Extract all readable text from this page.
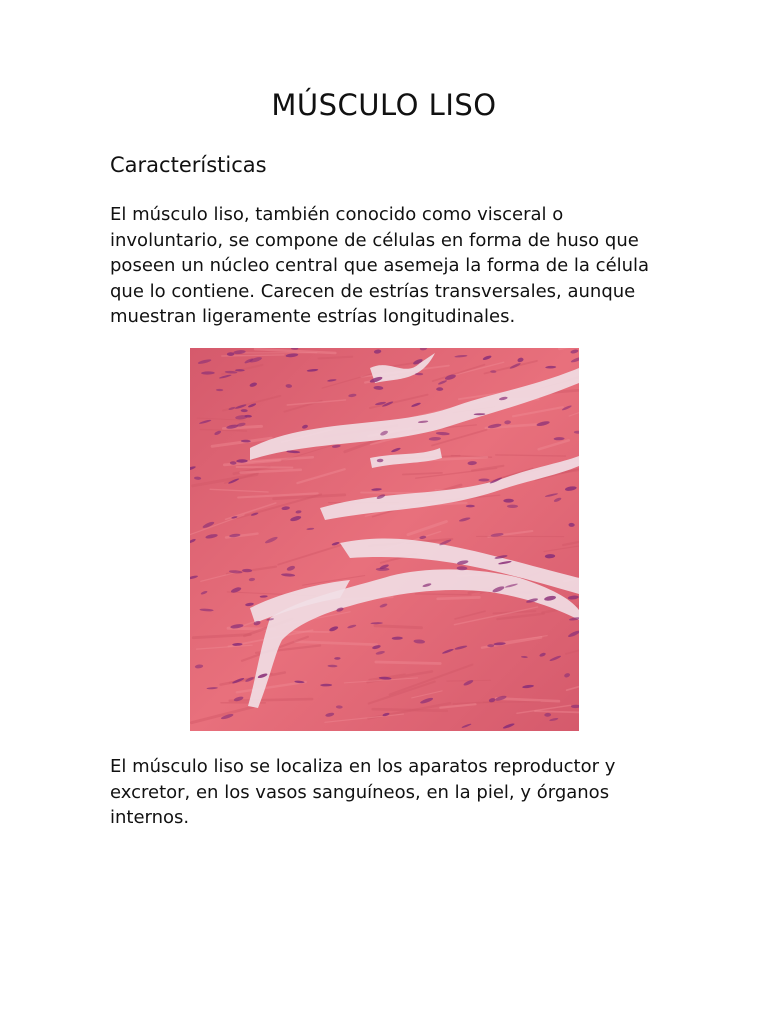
MÚSCULO LISO
Características

El músculo liso, también conocido como visceral o involuntario, se compone de células en forma de huso que poseen un núcleo central que asemeja la forma de la célula que lo contiene. Carecen de estrías transversales, aunque muestran ligeramente estrías longitudinales.

El músculo liso se localiza en los aparatos reproductor y excretor, en los vasos sanguíneos, en la piel, y órganos internos.
